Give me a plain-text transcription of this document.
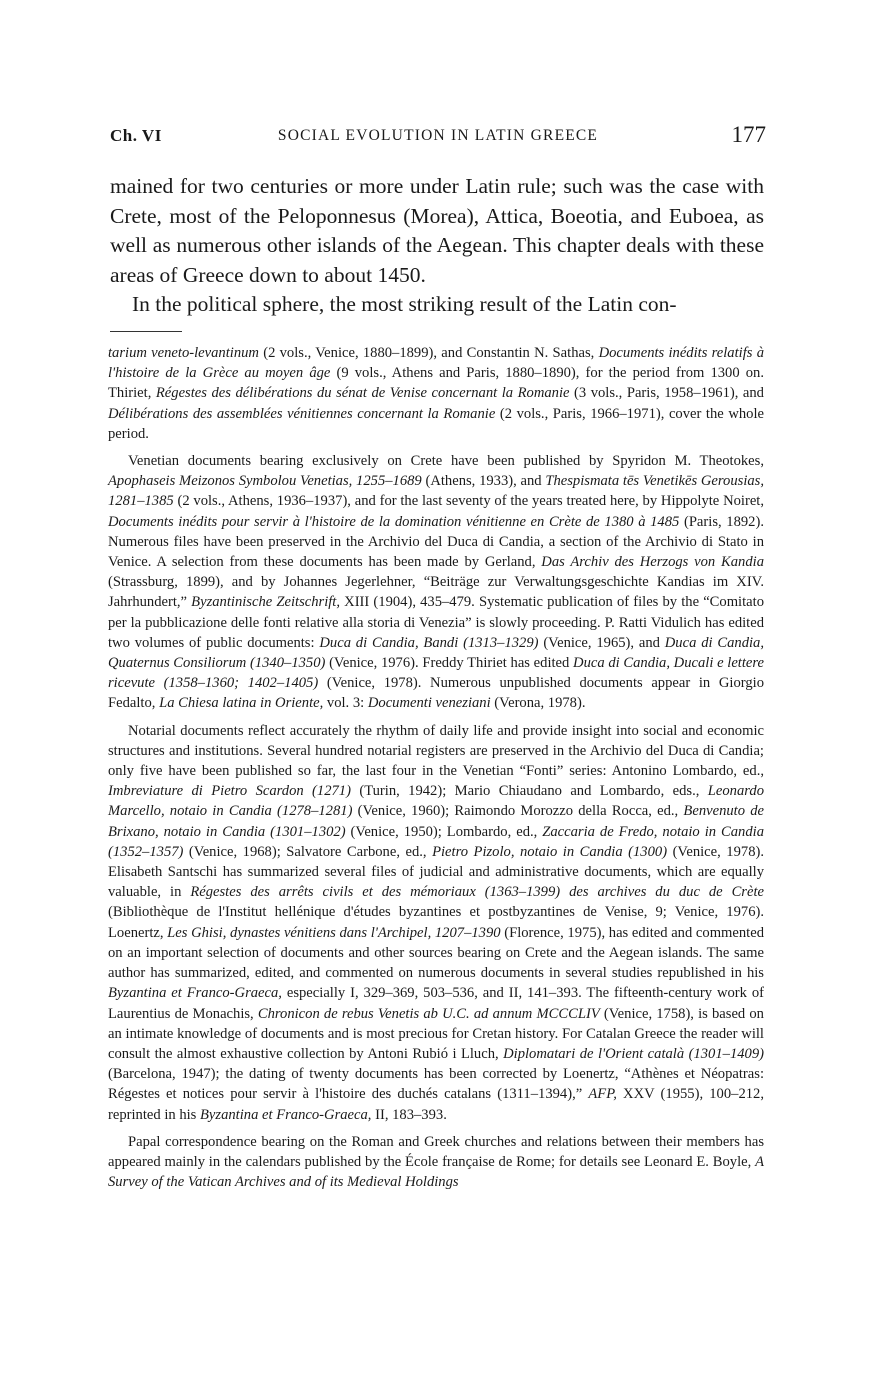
Ch. VI	SOCIAL EVOLUTION IN LATIN GREECE	177

mained for two centuries or more under Latin rule; such was the case with Crete, most of the Peloponnesus (Morea), Attica, Boeotia, and Euboea, as well as numerous other islands of the Aegean. This chapter deals with these areas of Greece down to about 1450.

In the political sphere, the most striking result of the Latin con-

tarium veneto-levantinum (2 vols., Venice, 1880–1899), and Constantin N. Sathas, Documents inédits relatifs à l'histoire de la Grèce au moyen âge (9 vols., Athens and Paris, 1880–1890), for the period from 1300 on. Thiriet, Régestes des délibérations du sénat de Venise concernant la Romanie (3 vols., Paris, 1958–1961), and Délibérations des assemblées vénitiennes concernant la Romanie (2 vols., Paris, 1966–1971), cover the whole period.

Venetian documents bearing exclusively on Crete have been published by Spyridon M. Theotokes, Apophaseis Meizonos Symbolou Venetias, 1255–1689 (Athens, 1933), and Thespismata tēs Venetikēs Gerousias, 1281–1385 (2 vols., Athens, 1936–1937), and for the last seventy of the years treated here, by Hippolyte Noiret, Documents inédits pour servir à l'histoire de la domination vénitienne en Crète de 1380 à 1485 (Paris, 1892). Numerous files have been preserved in the Archivio del Duca di Candia, a section of the Archivio di Stato in Venice. A selection from these documents has been made by Gerland, Das Archiv des Herzogs von Kandia (Strassburg, 1899), and by Johannes Jegerlehner, “Beiträge zur Verwaltungsgeschichte Kandias im XIV. Jahrhundert,” Byzantinische Zeitschrift, XIII (1904), 435–479. Systematic publication of files by the “Comitato per la pubblicazione delle fonti relative alla storia di Venezia” is slowly proceeding. P. Ratti Vidulich has edited two volumes of public documents: Duca di Candia, Bandi (1313–1329) (Venice, 1965), and Duca di Candia, Quaternus Consiliorum (1340–1350) (Venice, 1976). Freddy Thiriet has edited Duca di Candia, Ducali e lettere ricevute (1358–1360; 1402–1405) (Venice, 1978). Numerous unpublished documents appear in Giorgio Fedalto, La Chiesa latina in Oriente, vol. 3: Documenti veneziani (Verona, 1978).

Notarial documents reflect accurately the rhythm of daily life and provide insight into social and economic structures and institutions. Several hundred notarial registers are preserved in the Archivio del Duca di Candia; only five have been published so far, the last four in the Venetian “Fonti” series: Antonino Lombardo, ed., Imbreviature di Pietro Scardon (1271) (Turin, 1942); Mario Chiaudano and Lombardo, eds., Leonardo Marcello, notaio in Candia (1278–1281) (Venice, 1960); Raimondo Morozzo della Rocca, ed., Benvenuto de Brixano, notaio in Candia (1301–1302) (Venice, 1950); Lombardo, ed., Zaccaria de Fredo, notaio in Candia (1352–1357) (Venice, 1968); Salvatore Carbone, ed., Pietro Pizolo, notaio in Candia (1300) (Venice, 1978). Elisabeth Santschi has summarized several files of judicial and administrative documents, which are equally valuable, in Régestes des arrêts civils et des mémoriaux (1363–1399) des archives du duc de Crète (Bibliothèque de l'Institut hellénique d'études byzantines et postbyzantines de Venise, 9; Venice, 1976). Loenertz, Les Ghisi, dynastes vénitiens dans l'Archipel, 1207–1390 (Florence, 1975), has edited and commented on an important selection of documents and other sources bearing on Crete and the Aegean islands. The same author has summarized, edited, and commented on numerous documents in several studies republished in his Byzantina et Franco-Graeca, especially I, 329–369, 503–536, and II, 141–393. The fifteenth-century work of Laurentius de Monachis, Chronicon de rebus Venetis ab U.C. ad annum MCCCLIV (Venice, 1758), is based on an intimate knowledge of documents and is most precious for Cretan history. For Catalan Greece the reader will consult the almost exhaustive collection by Antoni Rubió i Lluch, Diplomatari de l'Orient català (1301–1409) (Barcelona, 1947); the dating of twenty documents has been corrected by Loenertz, “Athènes et Néopatras: Régestes et notices pour servir à l'histoire des duchés catalans (1311–1394),” AFP, XXV (1955), 100–212, reprinted in his Byzantina et Franco-Graeca, II, 183–393.

Papal correspondence bearing on the Roman and Greek churches and relations between their members has appeared mainly in the calendars published by the École française de Rome; for details see Leonard E. Boyle, A Survey of the Vatican Archives and of its Medieval Holdings
